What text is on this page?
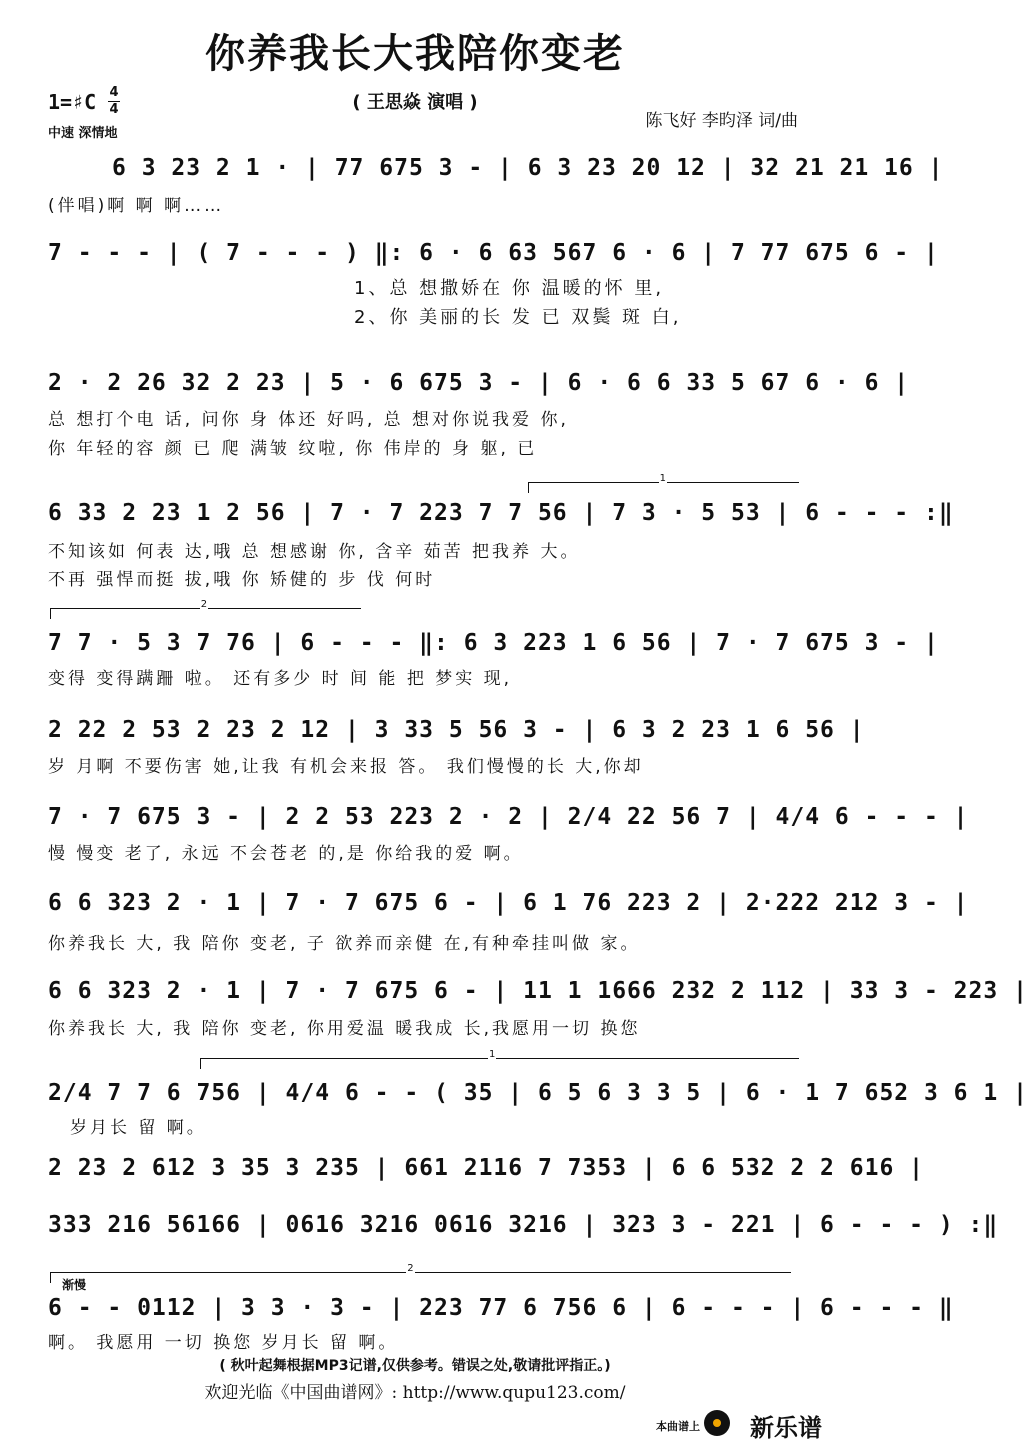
你养我长大我陪你变老
( 王思焱 演唱 )
1=♯C 4
4
中速 深情地
陈飞好 李昀泽 词/曲
6 3 23 2 1 · | 77 675 3 - | 6 3 23 20 12 | 32 21 21 16 |
(伴唱)啊 啊 啊……
7 - - - | ( 7 - - - ) ‖: 6 · 6 63 567 6 · 6 | 7 77 675 6 - |
1、总 想撒娇在 你 温暖的怀 里,
2、你 美丽的长 发 已 双鬓 斑 白,
2 · 2 26 32 2 23 | 5 · 6 675 3 - | 6 · 6 6 33 5 67 6 · 6 |
总 想打个电 话, 问你 身 体还 好吗, 总 想对你说我爱 你,
你 年轻的容 颜 已 爬 满皱 纹啦, 你 伟岸的 身 躯, 已
1
6 33 2 23 1 2 56 | 7 · 7 223 7 7 56 | 7 3 · 5 53 | 6 - - - :‖
不知该如 何表 达,哦 总 想感谢 你, 含辛 茹苦 把我养 大。
不再 强悍而挺 拔,哦 你 矫健的 步 伐 何时
2
7 7 · 5 3 7 76 | 6 - - - ‖: 6 3 223 1 6 56 | 7 · 7 675 3 - |
变得 变得蹒跚 啦。 还有多少 时 间 能 把 梦实 现,
2 22 2 53 2 23 2 12 | 3 33 5 56 3 - | 6 3 2 23 1 6 56 |
岁 月啊 不要伤害 她,让我 有机会来报 答。 我们慢慢的长 大,你却
7 · 7 675 3 - | 2 2 53 223 2 · 2 | 2/4 22 56 7 | 4/4 6 - - - |
慢 慢变 老了, 永远 不会苍老 的,是 你给我的爱 啊。
6 6 323 2 · 1 | 7 · 7 675 6 - | 6 1 76 223 2 | 2·222 212 3 - |
你养我长 大, 我 陪你 变老, 子 欲养而亲健 在,有种牵挂叫做 家。
6 6 323 2 · 1 | 7 · 7 675 6 - | 11 1 1666 232 2 112 | 33 3 - 223 |
你养我长 大, 我 陪你 变老, 你用爱温 暖我成 长,我愿用一切 换您
1
2/4 7 7 6 756 | 4/4 6 - - ( 35 | 6 5 6 3 3 5 | 6 · 1 7 652 3 6 1 |
岁月长 留 啊。
2 23 2 612 3 35 3 235 | 661 2116 7 7353 | 6 6 532 2 2 616 |
333 216 56166 | 0616 3216 0616 3216 | 323 3 - 221 | 6 - - - ) :‖
2
渐慢
6 - - 0112 | 3 3 · 3 - | 223 77 6 756 6 | 6 - - - | 6 - - - ‖
啊。 我愿用 一切 换您 岁月长 留 啊。
( 秋叶起舞根据MP3记谱,仅供参考。错误之处,敬请批评指正。)
欢迎光临《中国曲谱网》: http://www.qupu123.com/
本曲谱上 新乐谱
